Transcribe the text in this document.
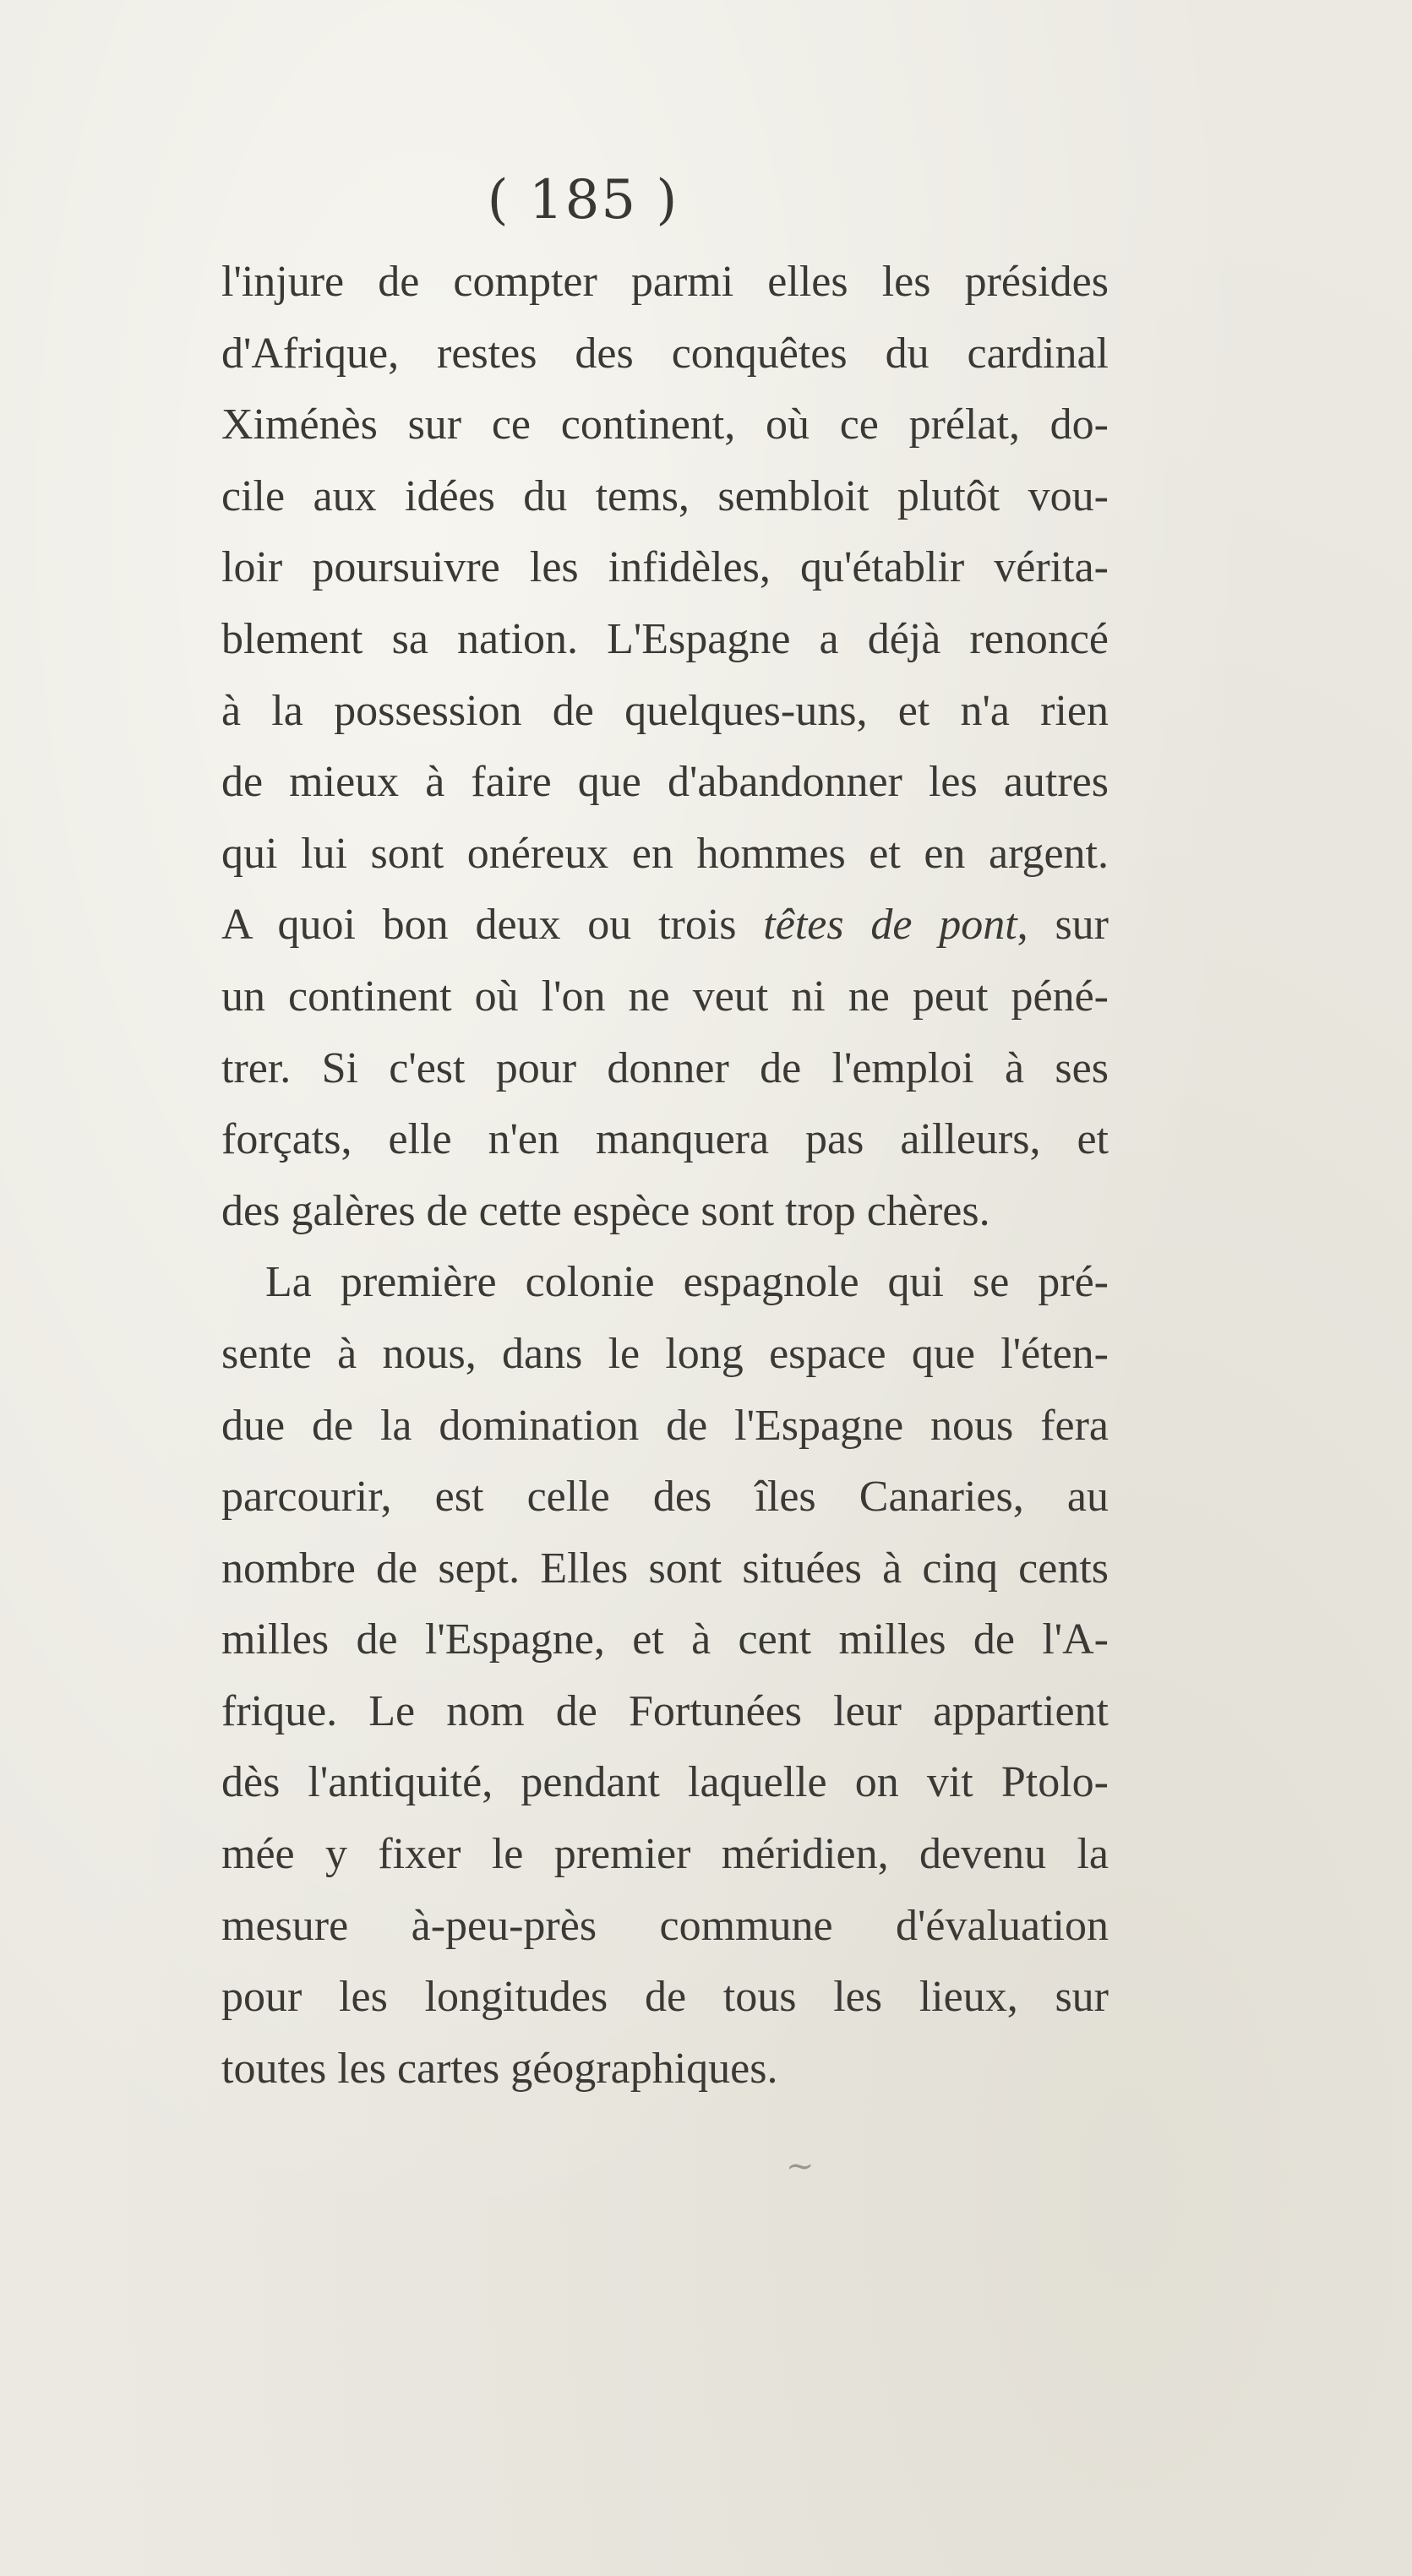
( 185 )
l'injure de compter parmi elles les présides
d'Afrique, restes des conquêtes du cardinal
Ximénès sur ce continent, où ce prélat, do-
cile aux idées du tems, sembloit plutôt vou-
loir poursuivre les infidèles, qu'établir vérita-
blement sa nation. L'Espagne a déjà renoncé
à la possession de quelques-uns, et n'a rien
de mieux à faire que d'abandonner les autres
qui lui sont onéreux en hommes et en argent.
A quoi bon deux ou trois têtes de pont, sur
un continent où l'on ne veut ni ne peut péné-
trer. Si c'est pour donner de l'emploi à ses
forçats, elle n'en manquera pas ailleurs, et
des galères de cette espèce sont trop chères.
La première colonie espagnole qui se pré-
sente à nous, dans le long espace que l'éten-
due de la domination de l'Espagne nous fera
parcourir, est celle des îles Canaries, au
nombre de sept. Elles sont situées à cinq cents
milles de l'Espagne, et à cent milles de l'A-
frique. Le nom de Fortunées leur appartient
dès l'antiquité, pendant laquelle on vit Ptolo-
mée y fixer le premier méridien, devenu la
mesure à-peu-près commune d'évaluation
pour les longitudes de tous les lieux, sur
toutes les cartes géographiques.
~
